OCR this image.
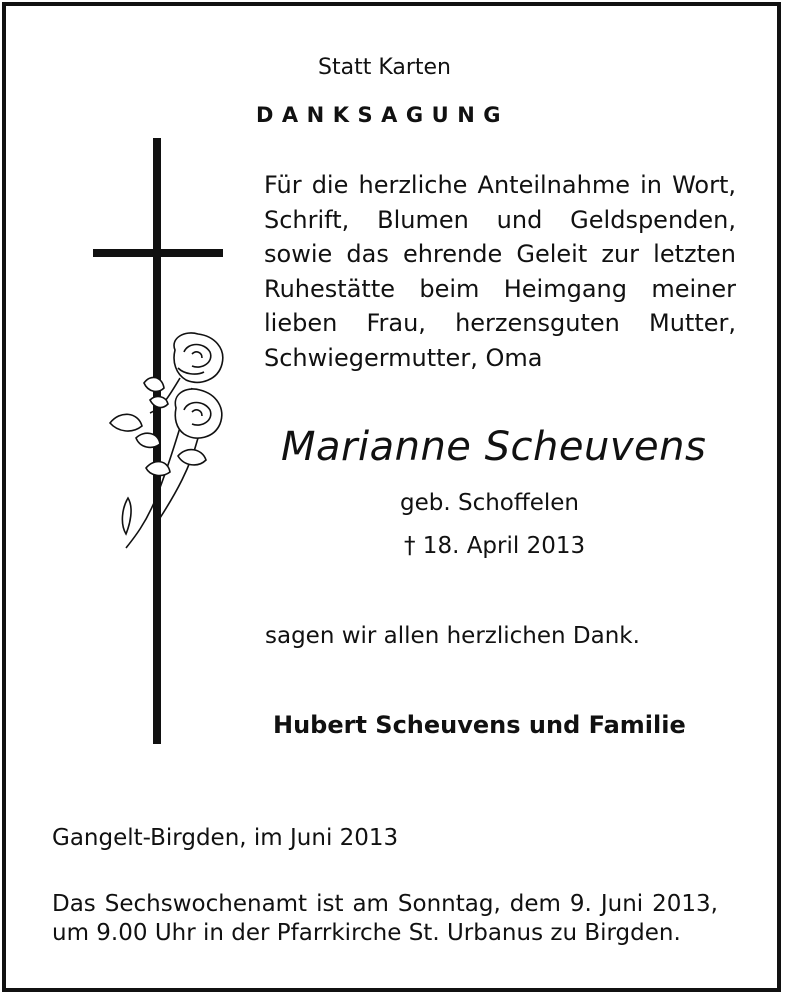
Statt Karten
DANKSAGUNG
Für die herzliche Anteilnahme in Wort,
Schrift, Blumen und Geldspenden,
sowie das ehrende Geleit zur letzten
Ruhestätte beim Heimgang meiner
lieben Frau, herzensguten Mutter,
Schwiegermutter, Oma
Marianne Scheuvens
geb. Schoffelen
† 18. April 2013
sagen wir allen herzlichen Dank.
Hubert Scheuvens und Familie
Gangelt-Birgden, im Juni 2013
Das Sechswochenamt ist am Sonntag, dem 9. Juni 2013,
um 9.00 Uhr in der Pfarrkirche St. Urbanus zu Birgden.
